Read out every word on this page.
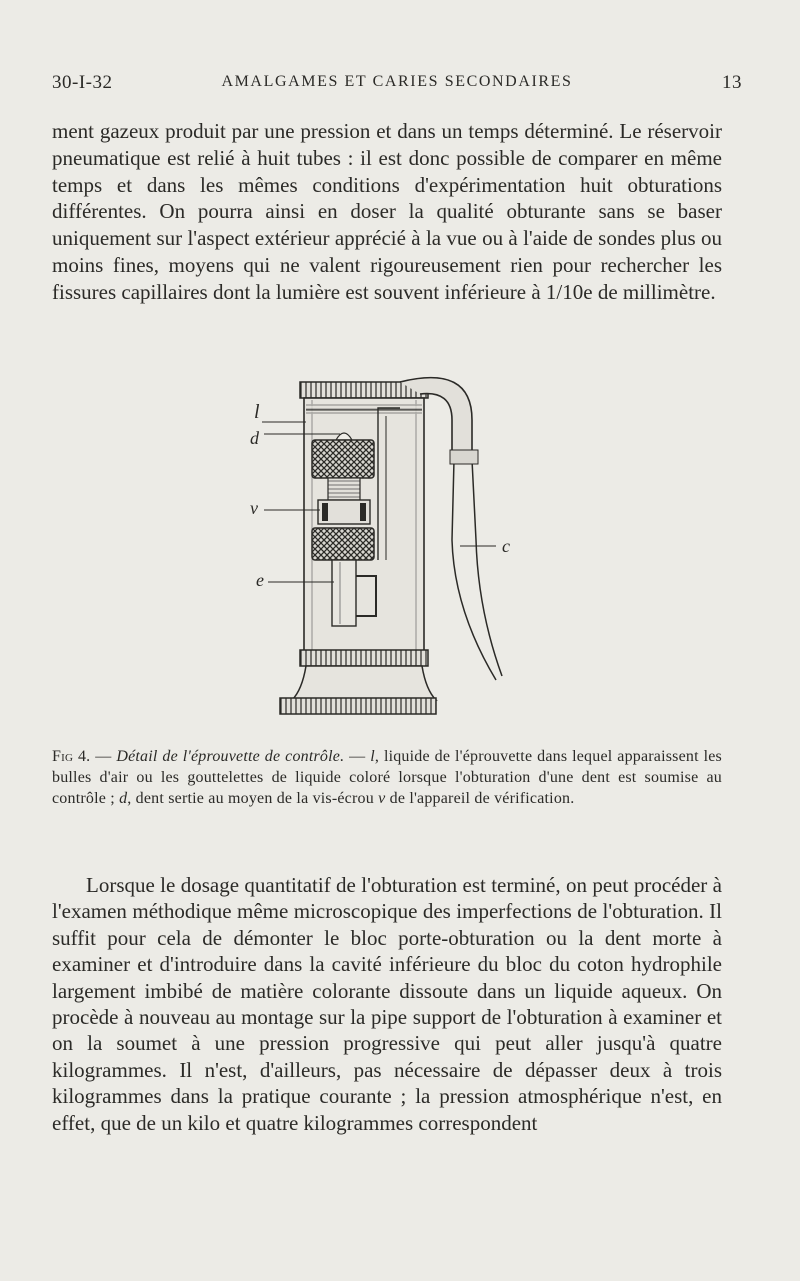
30-I-32	AMALGAMES ET CARIES SECONDAIRES	13

ment gazeux produit par une pression et dans un temps déterminé. Le réservoir pneumatique est relié à huit tubes : il est donc possible de comparer en même temps et dans les mêmes conditions d'expérimentation huit obturations différentes. On pourra ainsi en doser la qualité obturante sans se baser uniquement sur l'aspect extérieur apprécié à la vue ou à l'aide de sondes plus ou moins fines, moyens qui ne valent rigoureusement rien pour rechercher les fissures capillaires dont la lumière est souvent inférieure à 1/10e de millimètre.

l
d
v
e
c
Fig 4. — Détail de l'éprouvette de contrôle. — l, liquide de l'éprouvette dans lequel apparaissent les bulles d'air ou les gouttelettes de liquide coloré lorsque l'obturation d'une dent est soumise au contrôle ; d, dent sertie au moyen de la vis-écrou v de l'appareil de vérification.

Lorsque le dosage quantitatif de l'obturation est terminé, on peut procéder à l'examen méthodique même microscopique des imperfections de l'obturation. Il suffit pour cela de démonter le bloc porte-obturation ou la dent morte à examiner et d'introduire dans la cavité inférieure du bloc du coton hydrophile largement imbibé de matière colorante dissoute dans un liquide aqueux. On procède à nouveau au montage sur la pipe support de l'obturation à examiner et on la soumet à une pression progressive qui peut aller jusqu'à quatre kilogrammes. Il n'est, d'ailleurs, pas nécessaire de dépasser deux à trois kilogrammes dans la pratique courante ; la pression atmosphérique n'est, en effet, que de un kilo et quatre kilogrammes correspondent
